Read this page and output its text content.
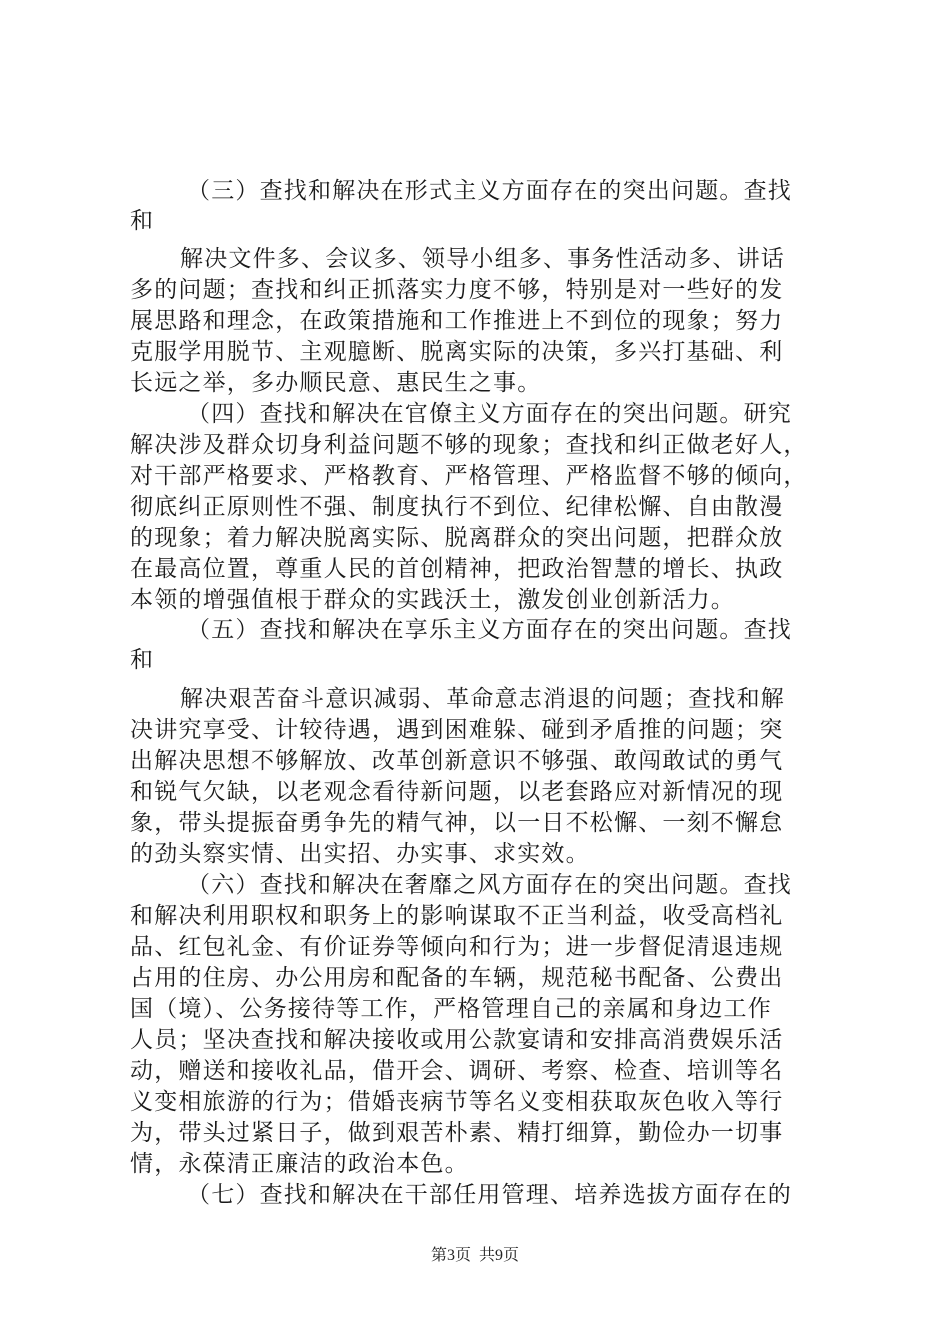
（三）查找和解决在形式主义方面存在的突出问题。查找
和
解决文件多、会议多、领导小组多、事务性活动多、讲话
多的问题；查找和纠正抓落实力度不够，特别是对一些好的发
展思路和理念，在政策措施和工作推进上不到位的现象；努力
克服学用脱节、主观臆断、脱离实际的决策，多兴打基础、利
长远之举，多办顺民意、惠民生之事。
（四）查找和解决在官僚主义方面存在的突出问题。研究
解决涉及群众切身利益问题不够的现象；查找和纠正做老好人，
对干部严格要求、严格教育、严格管理、严格监督不够的倾向，
彻底纠正原则性不强、制度执行不到位、纪律松懈、自由散漫
的现象；着力解决脱离实际、脱离群众的突出问题，把群众放
在最高位置，尊重人民的首创精神，把政治智慧的增长、执政
本领的增强值根于群众的实践沃土，激发创业创新活力。
（五）查找和解决在享乐主义方面存在的突出问题。查找
和
解决艰苦奋斗意识减弱、革命意志消退的问题；查找和解
决讲究享受、计较待遇，遇到困难躲、碰到矛盾推的问题；突
出解决思想不够解放、改革创新意识不够强、敢闯敢试的勇气
和锐气欠缺，以老观念看待新问题，以老套路应对新情况的现
象，带头提振奋勇争先的精气神，以一日不松懈、一刻不懈怠
的劲头察实情、出实招、办实事、求实效。
（六）查找和解决在奢靡之风方面存在的突出问题。查找
和解决利用职权和职务上的影响谋取不正当利益，收受高档礼
品、红包礼金、有价证券等倾向和行为；进一步督促清退违规
占用的住房、办公用房和配备的车辆，规范秘书配备、公费出
国（境）、公务接待等工作，严格管理自己的亲属和身边工作
人员；坚决查找和解决接收或用公款宴请和安排高消费娱乐活
动，赠送和接收礼品，借开会、调研、考察、检查、培训等名
义变相旅游的行为；借婚丧病节等名义变相获取灰色收入等行
为，带头过紧日子，做到艰苦朴素、精打细算，勤俭办一切事
情，永葆清正廉洁的政治本色。
（七）查找和解决在干部任用管理、培养选拔方面存在的
第3页  共9页
